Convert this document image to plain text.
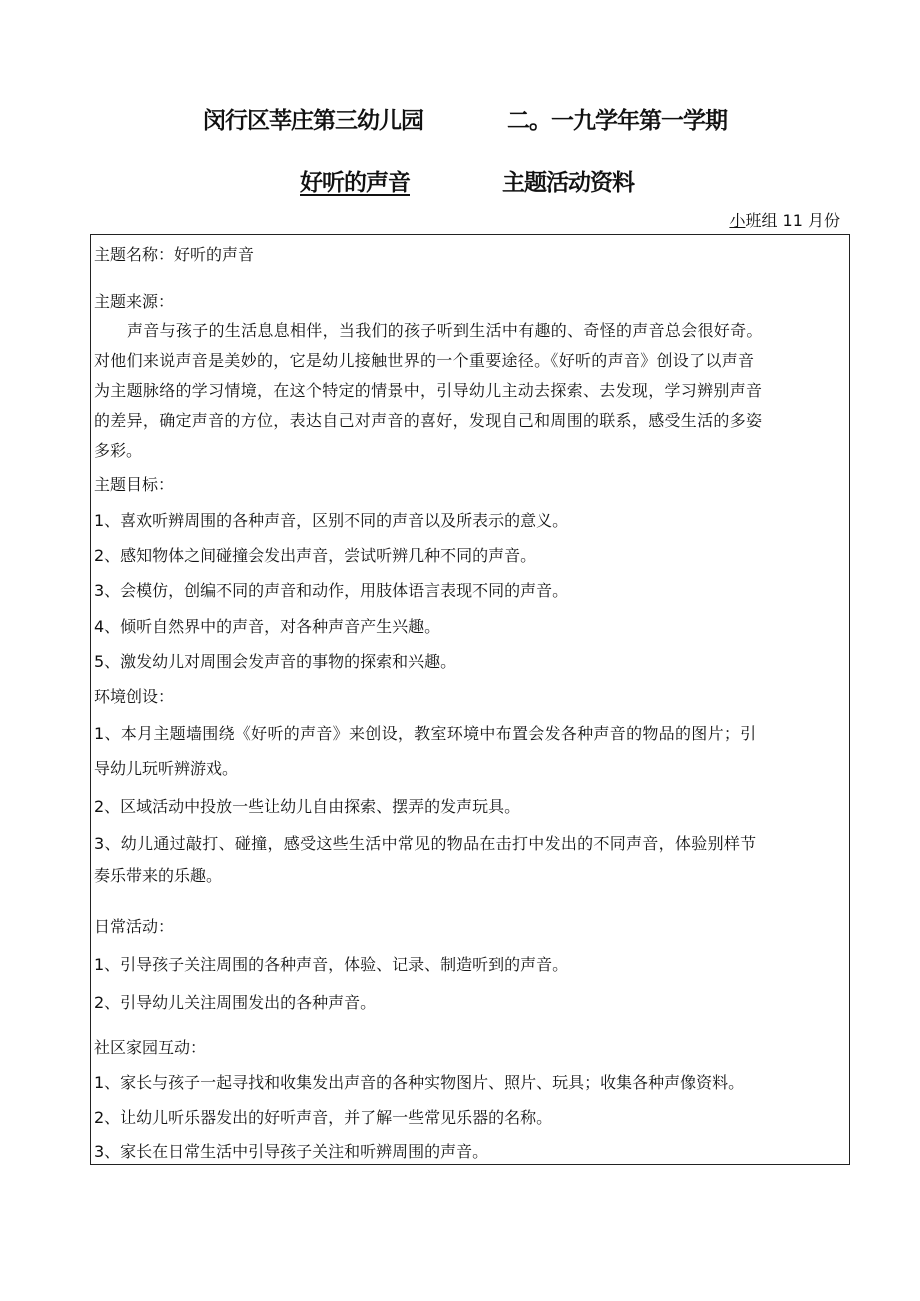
闵行区莘庄第三幼儿园	二。一九学年第一学期
好听的声音	主题活动资料
小班组 11 月份
主题名称：好听的声音
主题来源：
声音与孩子的生活息息相伴，当我们的孩子听到生活中有趣的、奇怪的声音总会很好奇。
对他们来说声音是美妙的，它是幼儿接触世界的一个重要途径。《好听的声音》创设了以声音
为主题脉络的学习情境，在这个特定的情景中，引导幼儿主动去探索、去发现，学习辨别声音
的差异，确定声音的方位，表达自己对声音的喜好，发现自己和周围的联系，感受生活的多姿
多彩。
主题目标：
1、喜欢听辨周围的各种声音，区别不同的声音以及所表示的意义。
2、感知物体之间碰撞会发出声音，尝试听辨几种不同的声音。
3、会模仿，创编不同的声音和动作，用肢体语言表现不同的声音。
4、倾听自然界中的声音，对各种声音产生兴趣。
5、激发幼儿对周围会发声音的事物的探索和兴趣。
环境创设：
1、本月主题墙围绕《好听的声音》来创设，教室环境中布置会发各种声音的物品的图片；引
导幼儿玩听辨游戏。
2、区域活动中投放一些让幼儿自由探索、摆弄的发声玩具。
3、幼儿通过敲打、碰撞，感受这些生活中常见的物品在击打中发出的不同声音，体验别样节
奏乐带来的乐趣。
日常活动：
1、引导孩子关注周围的各种声音，体验、记录、制造听到的声音。
2、引导幼儿关注周围发出的各种声音。
社区家园互动：
1、家长与孩子一起寻找和收集发出声音的各种实物图片、照片、玩具；收集各种声像资料。
2、让幼儿听乐器发出的好听声音，并了解一些常见乐器的名称。
3、家长在日常生活中引导孩子关注和听辨周围的声音。
